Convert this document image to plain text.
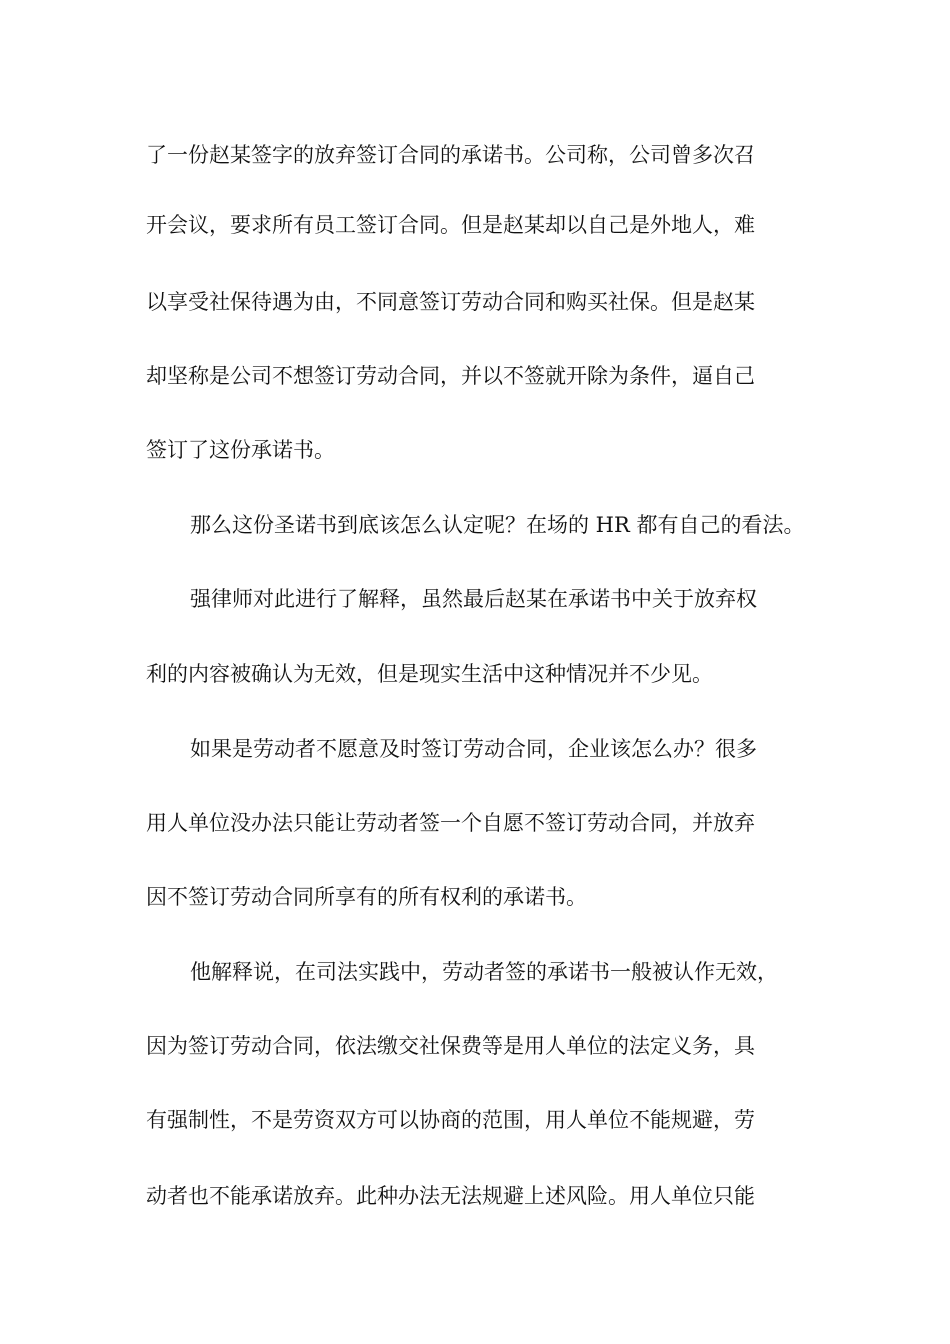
了一份赵某签字的放弃签订合同的承诺书。公司称，公司曾多次召
开会议，要求所有员工签订合同。但是赵某却以自己是外地人，难
以享受社保待遇为由，不同意签订劳动合同和购买社保。但是赵某
却坚称是公司不想签订劳动合同，并以不签就开除为条件，逼自己
签订了这份承诺书。
那么这份圣诺书到底该怎么认定呢？在场的 HR 都有自己的看法。
强律师对此进行了解释，虽然最后赵某在承诺书中关于放弃权
利的内容被确认为无效，但是现实生活中这种情况并不少见。
如果是劳动者不愿意及时签订劳动合同，企业该怎么办？很多
用人单位没办法只能让劳动者签一个自愿不签订劳动合同，并放弃
因不签订劳动合同所享有的所有权利的承诺书。
他解释说，在司法实践中，劳动者签的承诺书一般被认作无效，
因为签订劳动合同，依法缴交社保费等是用人单位的法定义务，具
有强制性，不是劳资双方可以协商的范围，用人单位不能规避，劳
动者也不能承诺放弃。此种办法无法规避上述风险。用人单位只能
